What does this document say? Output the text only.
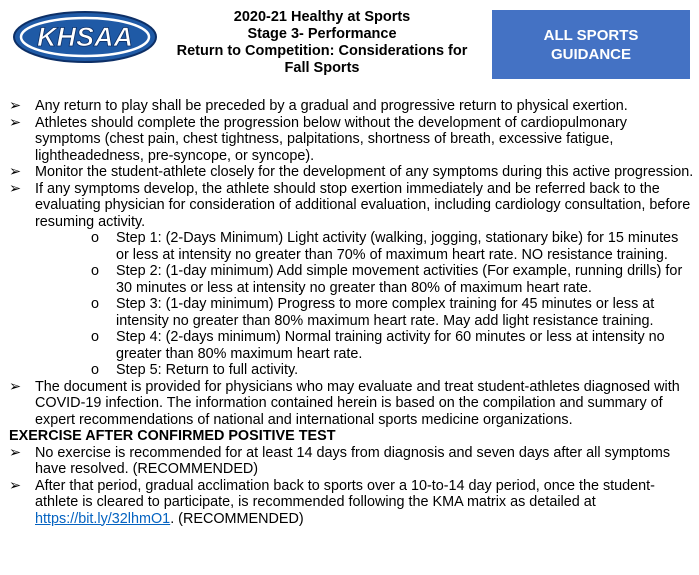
KHSAA
2020-21 Healthy at Sports
Stage 3- Performance
Return to Competition: Considerations for
Fall Sports
ALL SPORTS
GUIDANCE
➢ Any return to play shall be preceded by a gradual and progressive return to physical exertion.
➢ Athletes should complete the progression below without the development of cardiopulmonary symptoms (chest pain, chest tightness, palpitations, shortness of breath, excessive fatigue, lightheadedness, pre-syncope, or syncope).
➢ Monitor the student-athlete closely for the development of any symptoms during this active progression.
➢ If any symptoms develop, the athlete should stop exertion immediately and be referred back to the evaluating physician for consideration of additional evaluation, including cardiology consultation, before resuming activity.
o Step 1: (2-Days Minimum) Light activity (walking, jogging, stationary bike) for 15 minutes or less at intensity no greater than 70% of maximum heart rate. NO resistance training.
o Step 2: (1-day minimum) Add simple movement activities (For example, running drills) for 30 minutes or less at intensity no greater than 80% of maximum heart rate.
o Step 3: (1-day minimum) Progress to more complex training for 45 minutes or less at intensity no greater than 80% maximum heart rate. May add light resistance training.
o Step 4: (2-days minimum) Normal training activity for 60 minutes or less at intensity no greater than 80% maximum heart rate.
o Step 5: Return to full activity.
➢ The document is provided for physicians who may evaluate and treat student-athletes diagnosed with COVID-19 infection. The information contained herein is based on the compilation and summary of expert recommendations of national and international sports medicine organizations.
EXERCISE AFTER CONFIRMED POSITIVE TEST
➢ No exercise is recommended for at least 14 days from diagnosis and seven days after all symptoms have resolved. (RECOMMENDED)
➢ After that period, gradual acclimation back to sports over a 10-to-14 day period, once the student-athlete is cleared to participate, is recommended following the KMA matrix as detailed at https://bit.ly/32lhmO1. (RECOMMENDED)
